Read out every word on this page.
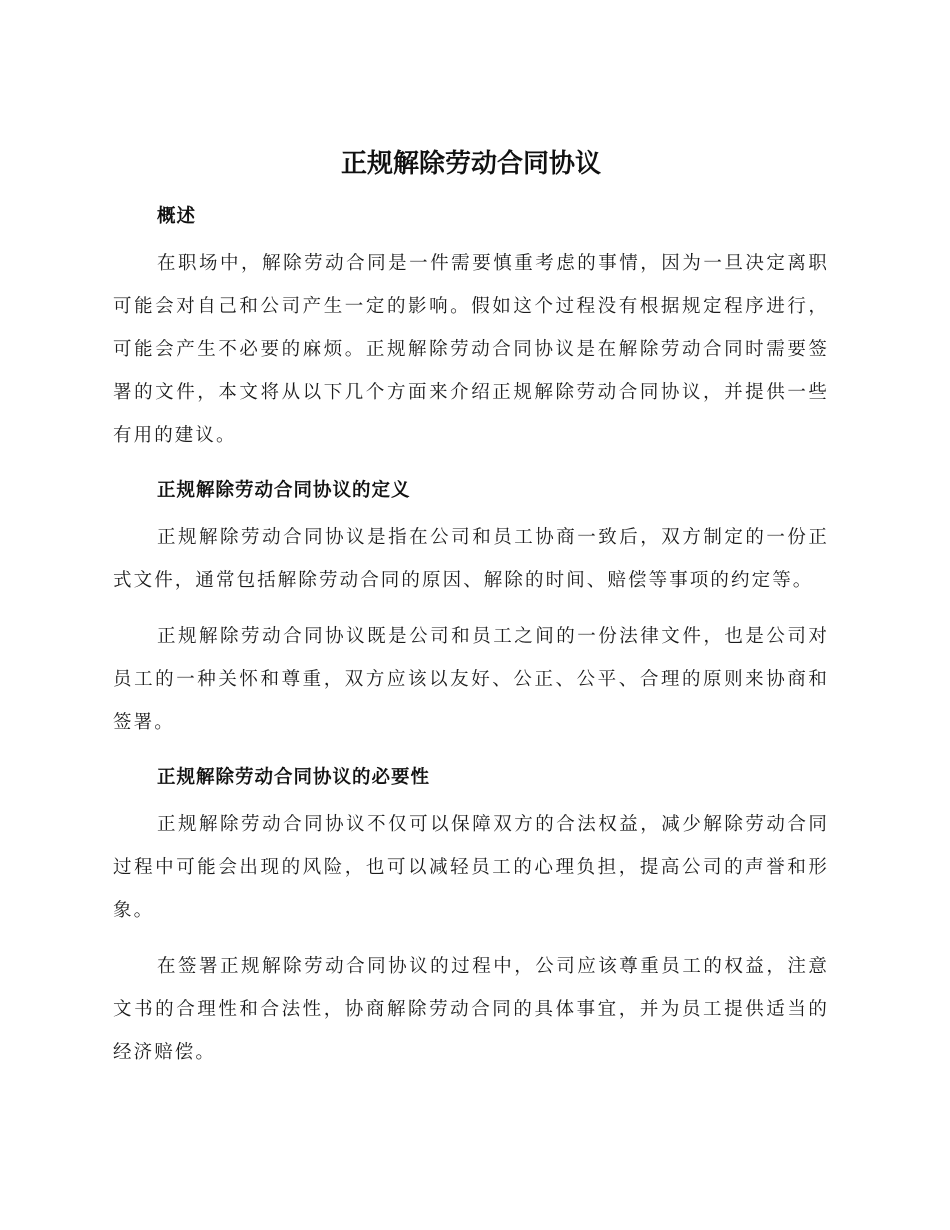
正规解除劳动合同协议
概述

在职场中，解除劳动合同是一件需要慎重考虑的事情，因为一旦决定离职可能会对自己和公司产生一定的影响。假如这个过程没有根据规定程序进行，可能会产生不必要的麻烦。正规解除劳动合同协议是在解除劳动合同时需要签署的文件，本文将从以下几个方面来介绍正规解除劳动合同协议，并提供一些有用的建议。

正规解除劳动合同协议的定义

正规解除劳动合同协议是指在公司和员工协商一致后，双方制定的一份正式文件，通常包括解除劳动合同的原因、解除的时间、赔偿等事项的约定等。

正规解除劳动合同协议既是公司和员工之间的一份法律文件，也是公司对员工的一种关怀和尊重，双方应该以友好、公正、公平、合理的原则来协商和签署。

正规解除劳动合同协议的必要性

正规解除劳动合同协议不仅可以保障双方的合法权益，减少解除劳动合同过程中可能会出现的风险，也可以减轻员工的心理负担，提高公司的声誉和形象。

在签署正规解除劳动合同协议的过程中，公司应该尊重员工的权益，注意文书的合理性和合法性，协商解除劳动合同的具体事宜，并为员工提供适当的经济赔偿。
